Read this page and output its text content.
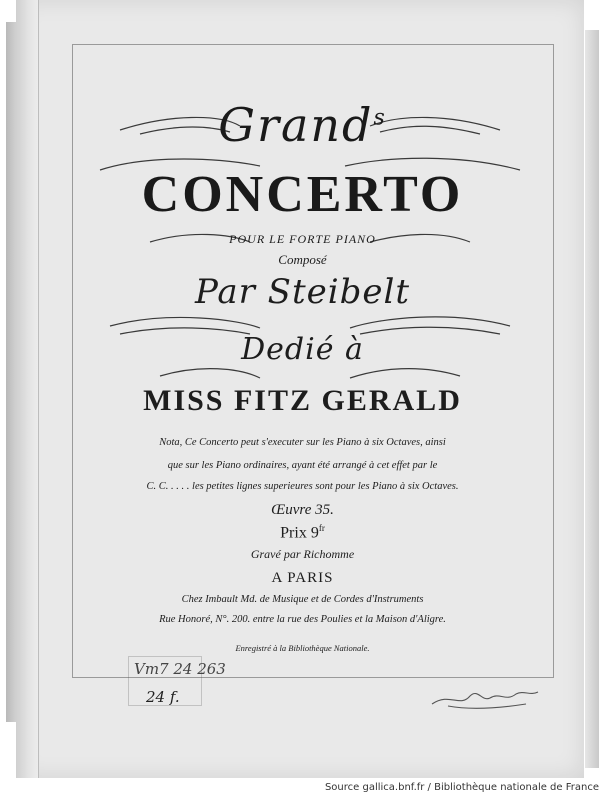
Grand$^s$
CONCERTO
POUR LE FORTE PIANO
Composé
Par Steibelt
Dedié à
MISS FITZ GERALD
Nota, Ce Concerto peut s'executer sur les Piano à six Octaves, ainsi
que sur les Piano ordinaires, ayant été arrangé à cet effet par le
C. C. . . . . les petites lignes superieures sont pour les Piano à six Octaves.
Œuvre 35.
Prix $9^{fr}$
Gravé par Richomme
A PARIS
Chez Imbault Md. de Musique et de Cordes d'Instruments
Rue Honoré, N°. 200. entre la rue des Poulies et la Maison d'Aligre.
Enregistré à la Bibliothèque Nationale.
Vm7 24 263
24 f.
Source gallica.bnf.fr / Bibliothèque nationale de France
